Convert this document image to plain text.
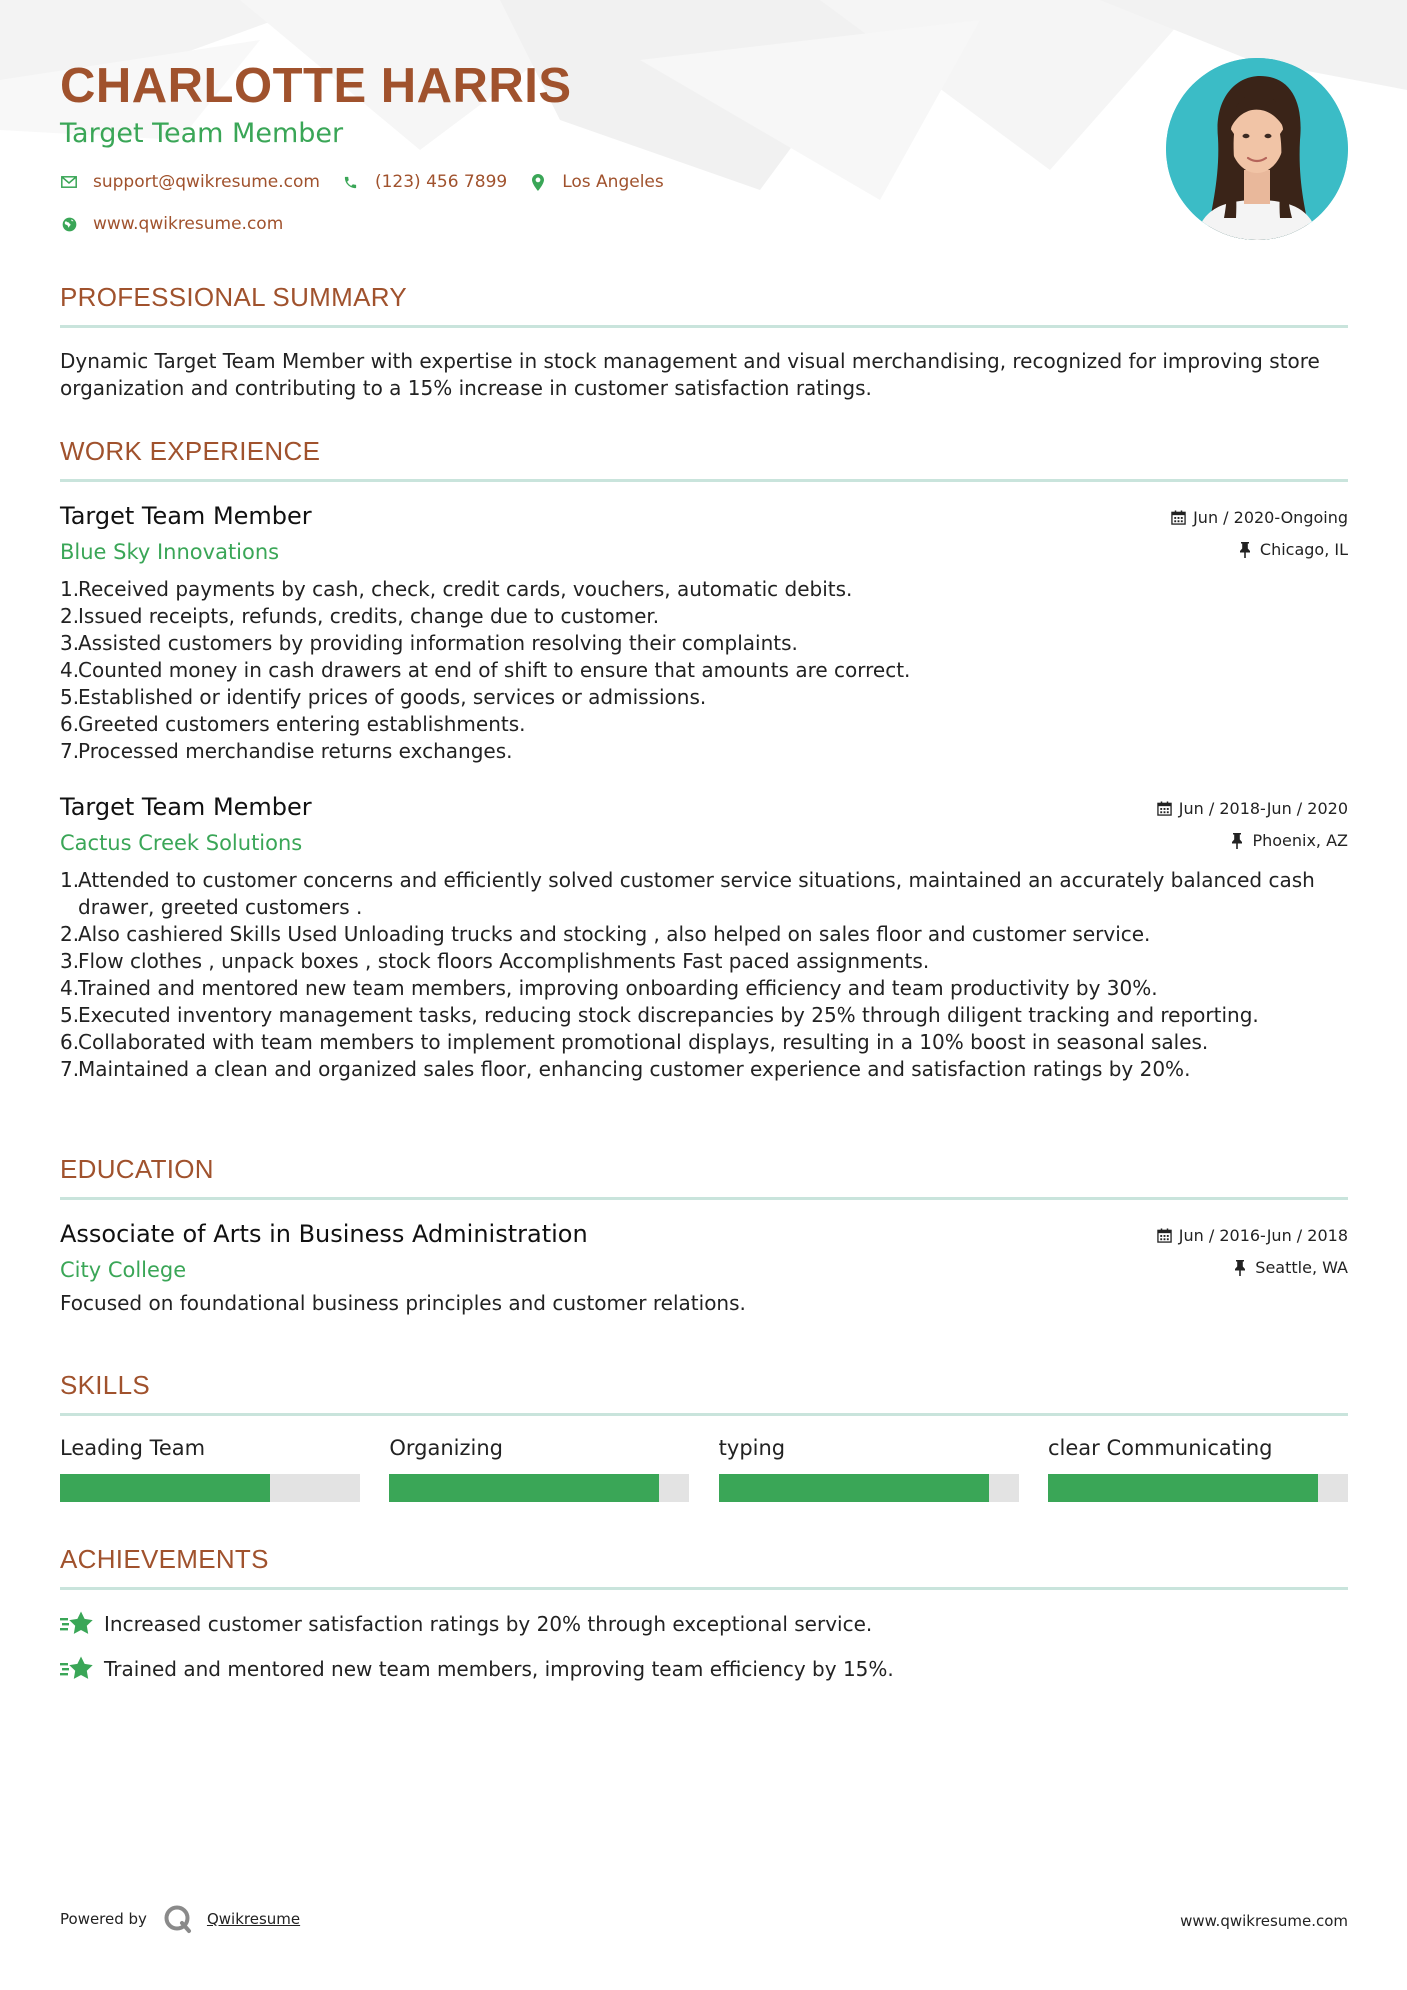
CHARLOTTE HARRIS
Target Team Member
support@qwikresume.com	(123) 456 7899	Los Angeles
www.qwikresume.com
PROFESSIONAL SUMMARY
Dynamic Target Team Member with expertise in stock management and visual merchandising, recognized for improving store organization and contributing to a 15% increase in customer satisfaction ratings.
WORK EXPERIENCE
Target Team Member
Blue Sky Innovations
Jun / 2020-Ongoing
Chicago, IL
1.
Received payments by cash, check, credit cards, vouchers, automatic debits.
2.
Issued receipts, refunds, credits, change due to customer.
3.
Assisted customers by providing information resolving their complaints.
4.
Counted money in cash drawers at end of shift to ensure that amounts are correct.
5.
Established or identify prices of goods, services or admissions.
6.
Greeted customers entering establishments.
7.
Processed merchandise returns exchanges.
Target Team Member
Cactus Creek Solutions
Jun / 2018-Jun / 2020
Phoenix, AZ
1.
Attended to customer concerns and efficiently solved customer service situations, maintained an accurately balanced cash drawer, greeted customers .
2.
Also cashiered Skills Used Unloading trucks and stocking , also helped on sales floor and customer service.
3.
Flow clothes , unpack boxes , stock floors Accomplishments Fast paced assignments.
4.
Trained and mentored new team members, improving onboarding efficiency and team productivity by 30%.
5.
Executed inventory management tasks, reducing stock discrepancies by 25% through diligent tracking and reporting.
6.
Collaborated with team members to implement promotional displays, resulting in a 10% boost in seasonal sales.
7.
Maintained a clean and organized sales floor, enhancing customer experience and satisfaction ratings by 20%.
EDUCATION
Associate of Arts in Business Administration
City College
Jun / 2016-Jun / 2018
Seattle, WA
Focused on foundational business principles and customer relations.
SKILLS
Leading Team	Organizing	typing	clear Communicating
ACHIEVEMENTS
Increased customer satisfaction ratings by 20% through exceptional service.
Trained and mentored new team members, improving team efficiency by 15%.
Powered by	Qwikresume	www.qwikresume.com
